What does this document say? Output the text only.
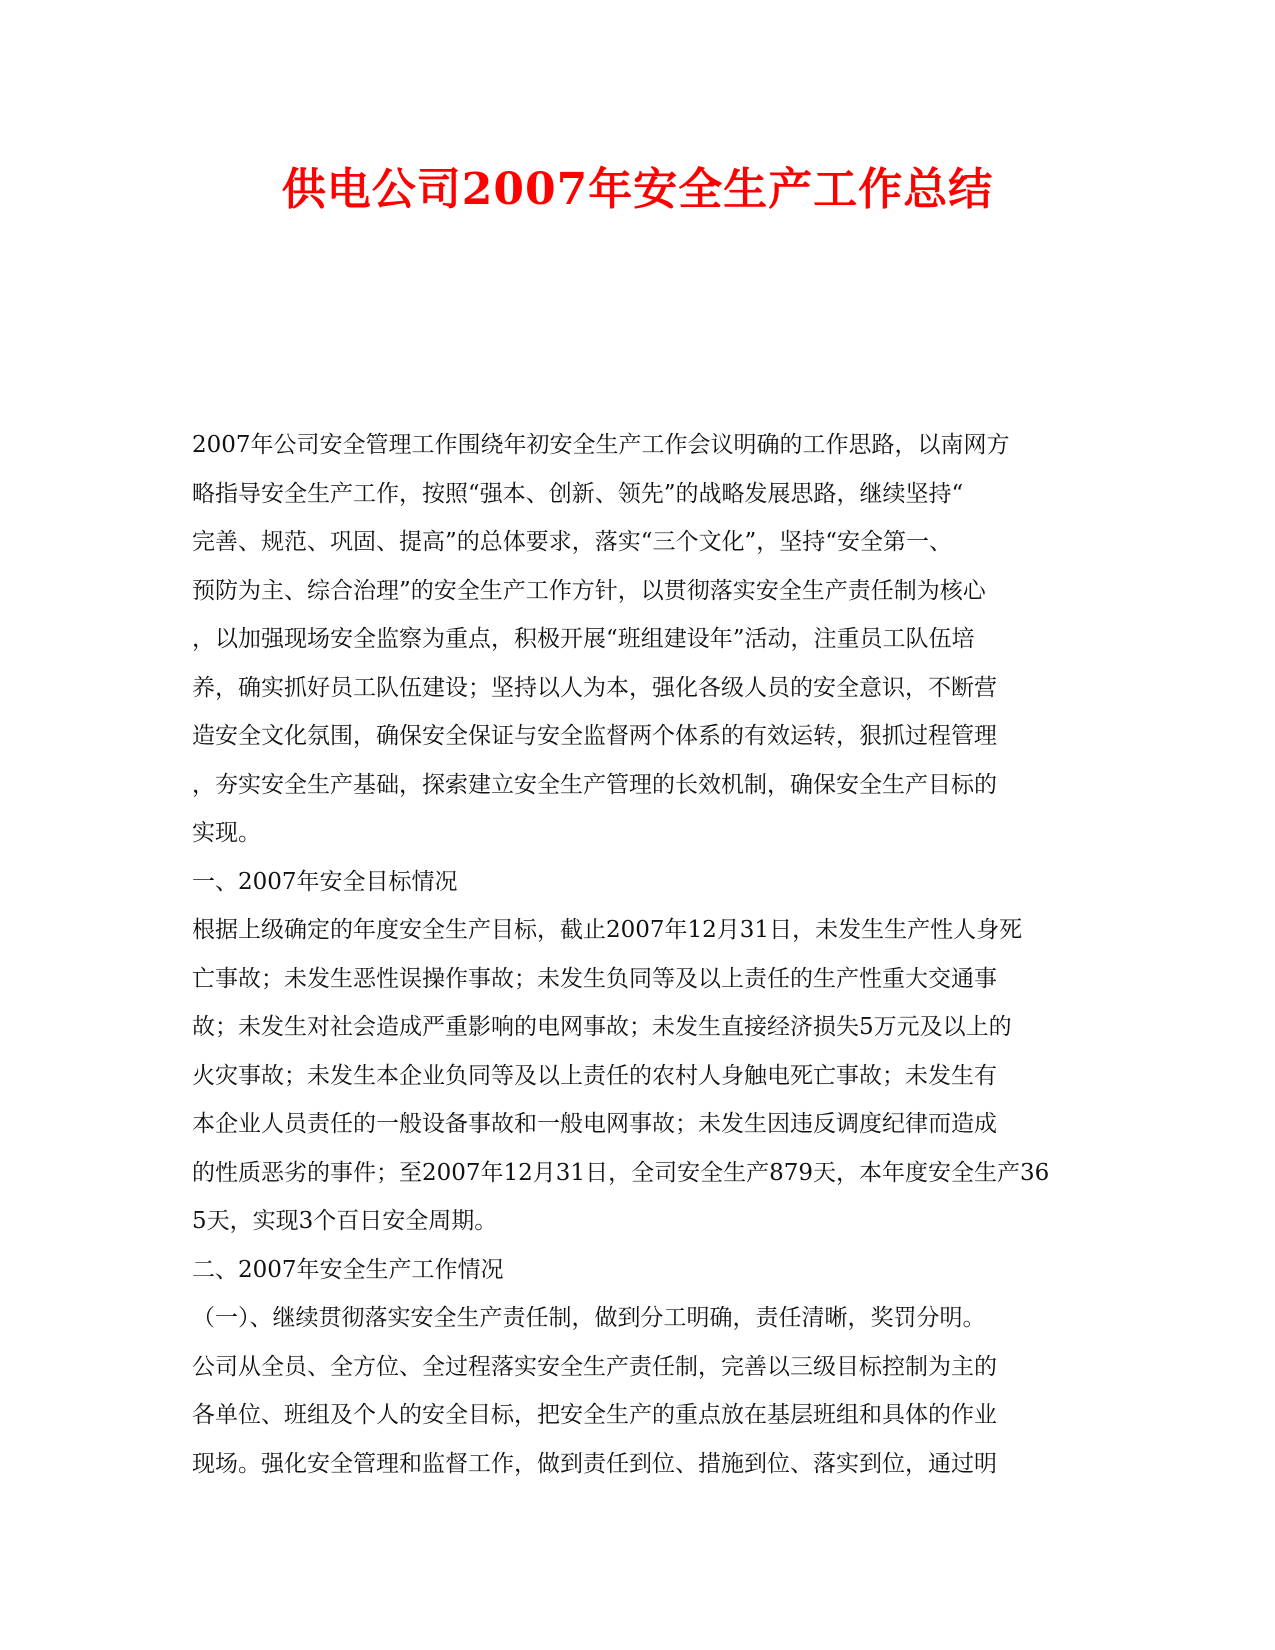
供电公司2007年安全生产工作总结
2007年公司安全管理工作围绕年初安全生产工作会议明确的工作思路，以南网方
略指导安全生产工作，按照“强本、创新、领先”的战略发展思路，继续坚持“
完善、规范、巩固、提高”的总体要求，落实“三个文化”，坚持“安全第一、
预防为主、综合治理”的安全生产工作方针，以贯彻落实安全生产责任制为核心
，以加强现场安全监察为重点，积极开展“班组建设年”活动，注重员工队伍培
养，确实抓好员工队伍建设；坚持以人为本，强化各级人员的安全意识，不断营
造安全文化氛围，确保安全保证与安全监督两个体系的有效运转，狠抓过程管理
，夯实安全生产基础，探索建立安全生产管理的长效机制，确保安全生产目标的
实现。
一、2007年安全目标情况
根据上级确定的年度安全生产目标，截止2007年12月31日，未发生生产性人身死
亡事故；未发生恶性误操作事故；未发生负同等及以上责任的生产性重大交通事
故；未发生对社会造成严重影响的电网事故；未发生直接经济损失5万元及以上的
火灾事故；未发生本企业负同等及以上责任的农村人身触电死亡事故；未发生有
本企业人员责任的一般设备事故和一般电网事故；未发生因违反调度纪律而造成
的性质恶劣的事件；至2007年12月31日，全司安全生产879天，本年度安全生产36
5天，实现3个百日安全周期。
二、2007年安全生产工作情况
（一）、继续贯彻落实安全生产责任制，做到分工明确，责任清晰，奖罚分明。
公司从全员、全方位、全过程落实安全生产责任制，完善以三级目标控制为主的
各单位、班组及个人的安全目标，把安全生产的重点放在基层班组和具体的作业
现场。强化安全管理和监督工作，做到责任到位、措施到位、落实到位，通过明
